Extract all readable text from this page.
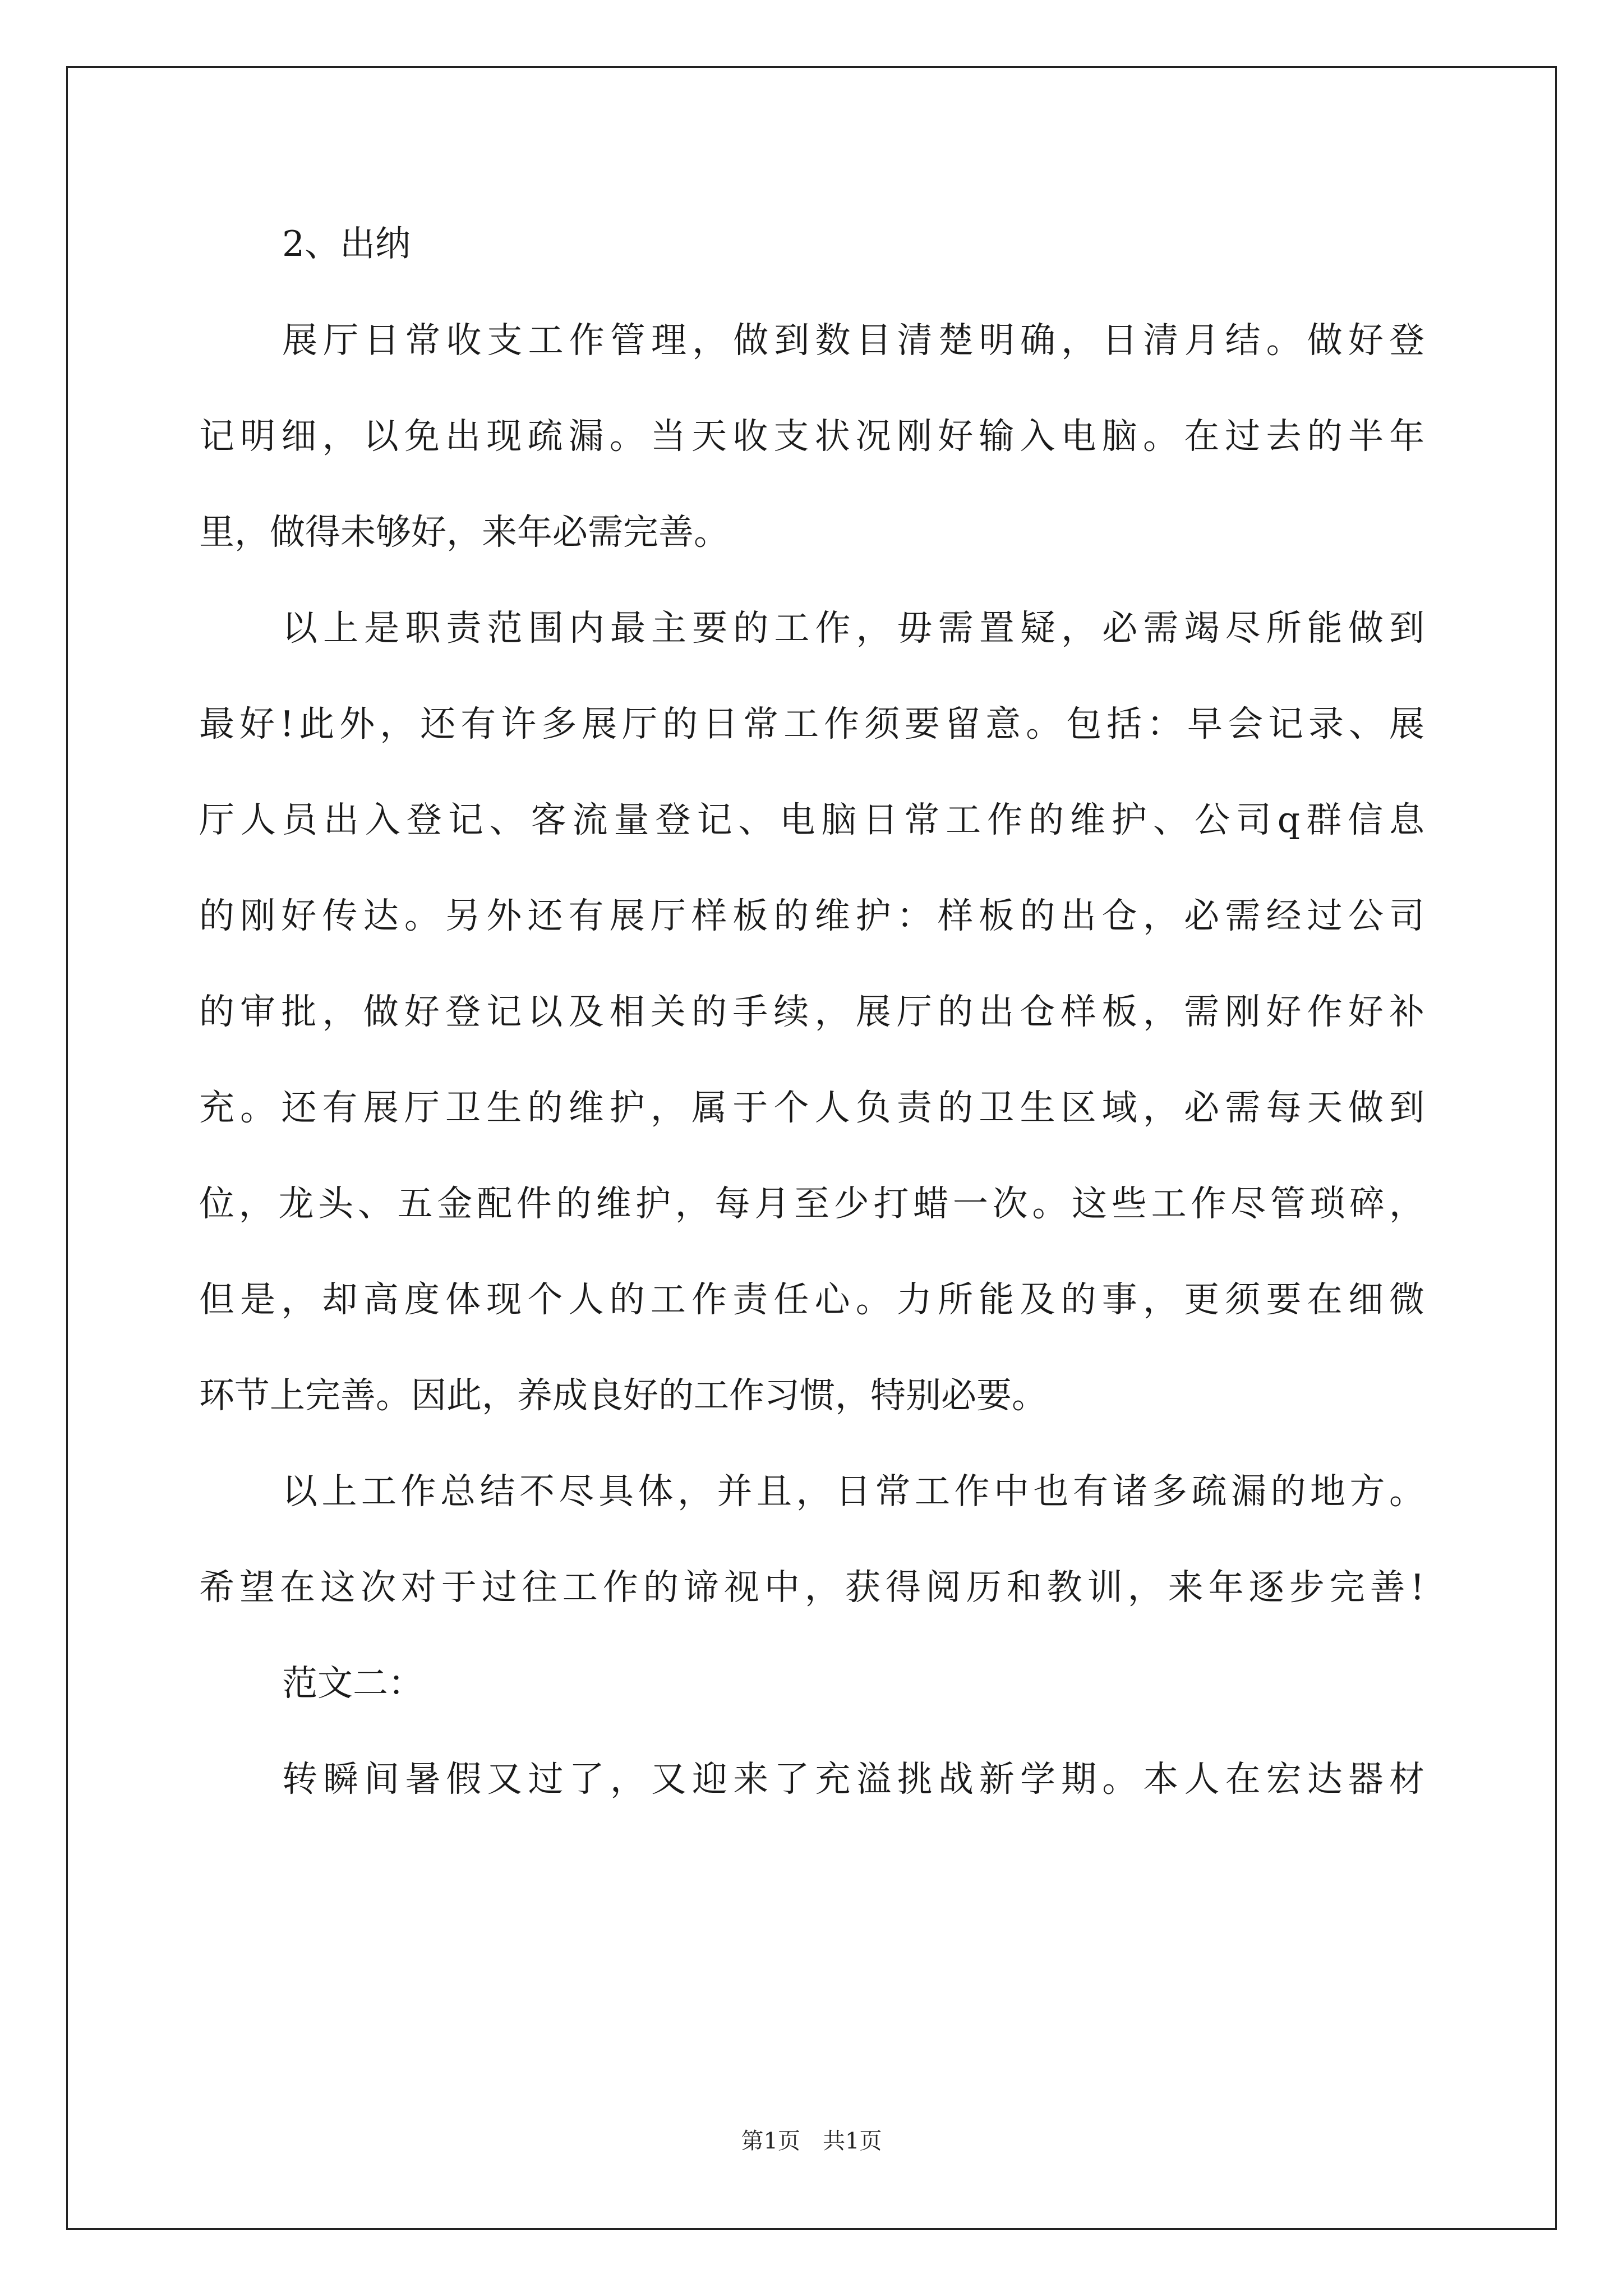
2、出纳
展厅日常收支工作管理，做到数目清楚明确，日清月结。做好登
记明细，以免出现疏漏。当天收支状况刚好输入电脑。在过去的半年
里，做得未够好，来年必需完善。
以上是职责范围内最主要的工作，毋需置疑，必需竭尽所能做到
最好!此外，还有许多展厅的日常工作须要留意。包括：早会记录、展
厅人员出入登记、客流量登记、电脑日常工作的维护、公司q群信息
的刚好传达。另外还有展厅样板的维护：样板的出仓，必需经过公司
的审批，做好登记以及相关的手续，展厅的出仓样板，需刚好作好补
充。还有展厅卫生的维护，属于个人负责的卫生区域，必需每天做到
位，龙头、五金配件的维护，每月至少打蜡一次。这些工作尽管琐碎，
但是，却高度体现个人的工作责任心。力所能及的事，更须要在细微
环节上完善。因此，养成良好的工作习惯，特别必要。
以上工作总结不尽具体，并且，日常工作中也有诸多疏漏的地方。
希望在这次对于过往工作的谛视中，获得阅历和教训，来年逐步完善!
范文二：
转瞬间暑假又过了，又迎来了充溢挑战新学期。本人在宏达器材
第1页　共1页
